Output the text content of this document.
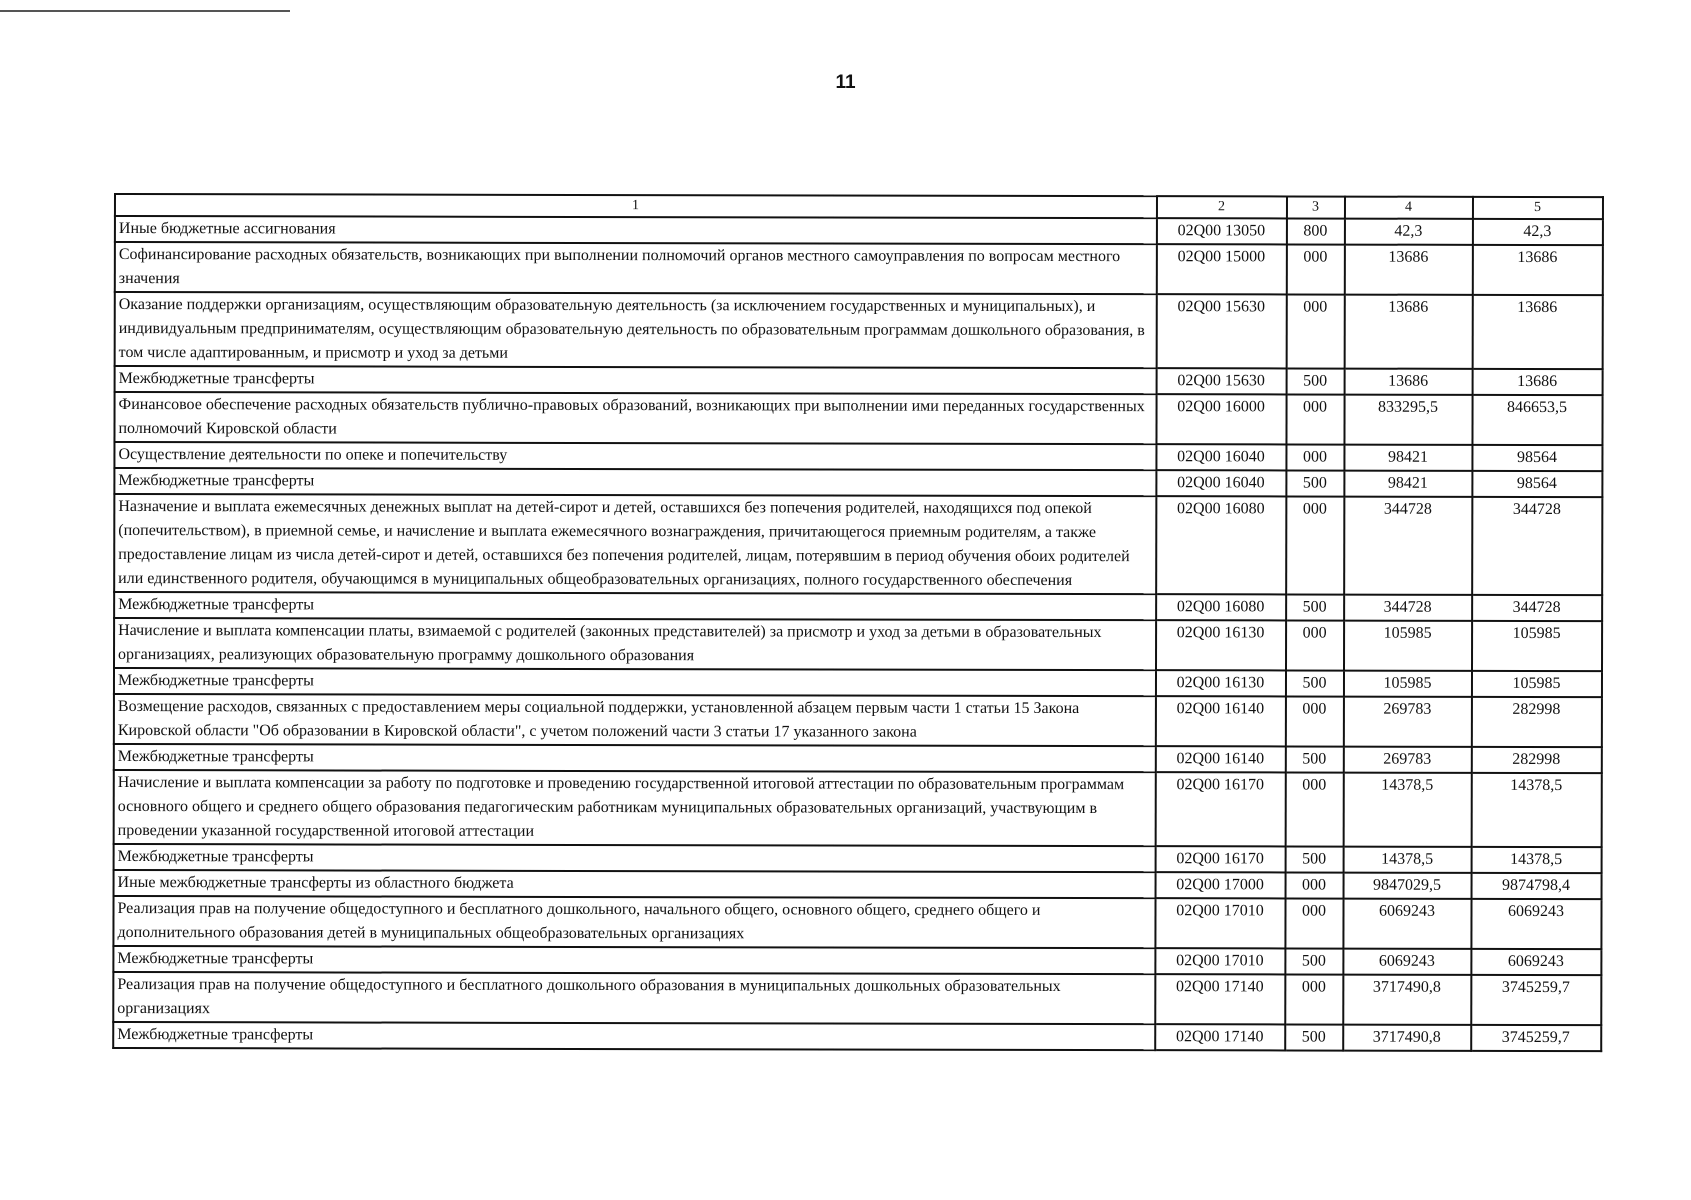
11
1	2	3	4	5
Иные бюджетные ассигнования	02Q00 13050	800	42,3	42,3
Софинансирование расходных обязательств, возникающих при выполнении полномочий органов местного самоуправления по вопросам местного значения	02Q00 15000	000	13686	13686
Оказание поддержки организациям, осуществляющим образовательную деятельность (за исключением государственных и муниципальных), и индивидуальным предпринимателям, осуществляющим образовательную деятельность по образовательным программам дошкольного образования, в том числе адаптированным, и присмотр и уход за детьми	02Q00 15630	000	13686	13686
Межбюджетные трансферты	02Q00 15630	500	13686	13686
Финансовое обеспечение расходных обязательств публично-правовых образований, возникающих при выполнении ими переданных государственных полномочий Кировской области	02Q00 16000	000	833295,5	846653,5
Осуществление деятельности по опеке и попечительству	02Q00 16040	000	98421	98564
Межбюджетные трансферты	02Q00 16040	500	98421	98564
Назначение и выплата ежемесячных денежных выплат на детей-сирот и детей, оставшихся без попечения родителей, находящихся под опекой (попечительством), в приемной семье, и начисление и выплата ежемесячного вознаграждения, причитающегося приемным родителям, а также предоставление лицам из числа детей-сирот и детей, оставшихся без попечения родителей, лицам, потерявшим в период обучения обоих родителей или единственного родителя, обучающимся в муниципальных общеобразовательных организациях, полного государственного обеспечения	02Q00 16080	000	344728	344728
Межбюджетные трансферты	02Q00 16080	500	344728	344728
Начисление и выплата компенсации платы, взимаемой с родителей (законных представителей) за присмотр и уход за детьми в образовательных организациях, реализующих образовательную программу дошкольного образования	02Q00 16130	000	105985	105985
Межбюджетные трансферты	02Q00 16130	500	105985	105985
Возмещение расходов, связанных с предоставлением меры социальной поддержки, установленной абзацем первым части 1 статьи 15 Закона Кировской области "Об образовании в Кировской области", с учетом положений части 3 статьи 17 указанного закона	02Q00 16140	000	269783	282998
Межбюджетные трансферты	02Q00 16140	500	269783	282998
Начисление и выплата компенсации за работу по подготовке и проведению государственной итоговой аттестации по образовательным программам основного общего и среднего общего образования педагогическим работникам муниципальных образовательных организаций, участвующим в проведении указанной государственной итоговой аттестации	02Q00 16170	000	14378,5	14378,5
Межбюджетные трансферты	02Q00 16170	500	14378,5	14378,5
Иные межбюджетные трансферты из областного бюджета	02Q00 17000	000	9847029,5	9874798,4
Реализация прав на получение общедоступного и бесплатного дошкольного, начального общего, основного общего, среднего общего и дополнительного образования детей в муниципальных общеобразовательных организациях	02Q00 17010	000	6069243	6069243
Межбюджетные трансферты	02Q00 17010	500	6069243	6069243
Реализация прав на получение общедоступного и бесплатного дошкольного образования в муниципальных дошкольных образовательных организациях	02Q00 17140	000	3717490,8	3745259,7
Межбюджетные трансферты	02Q00 17140	500	3717490,8	3745259,7
